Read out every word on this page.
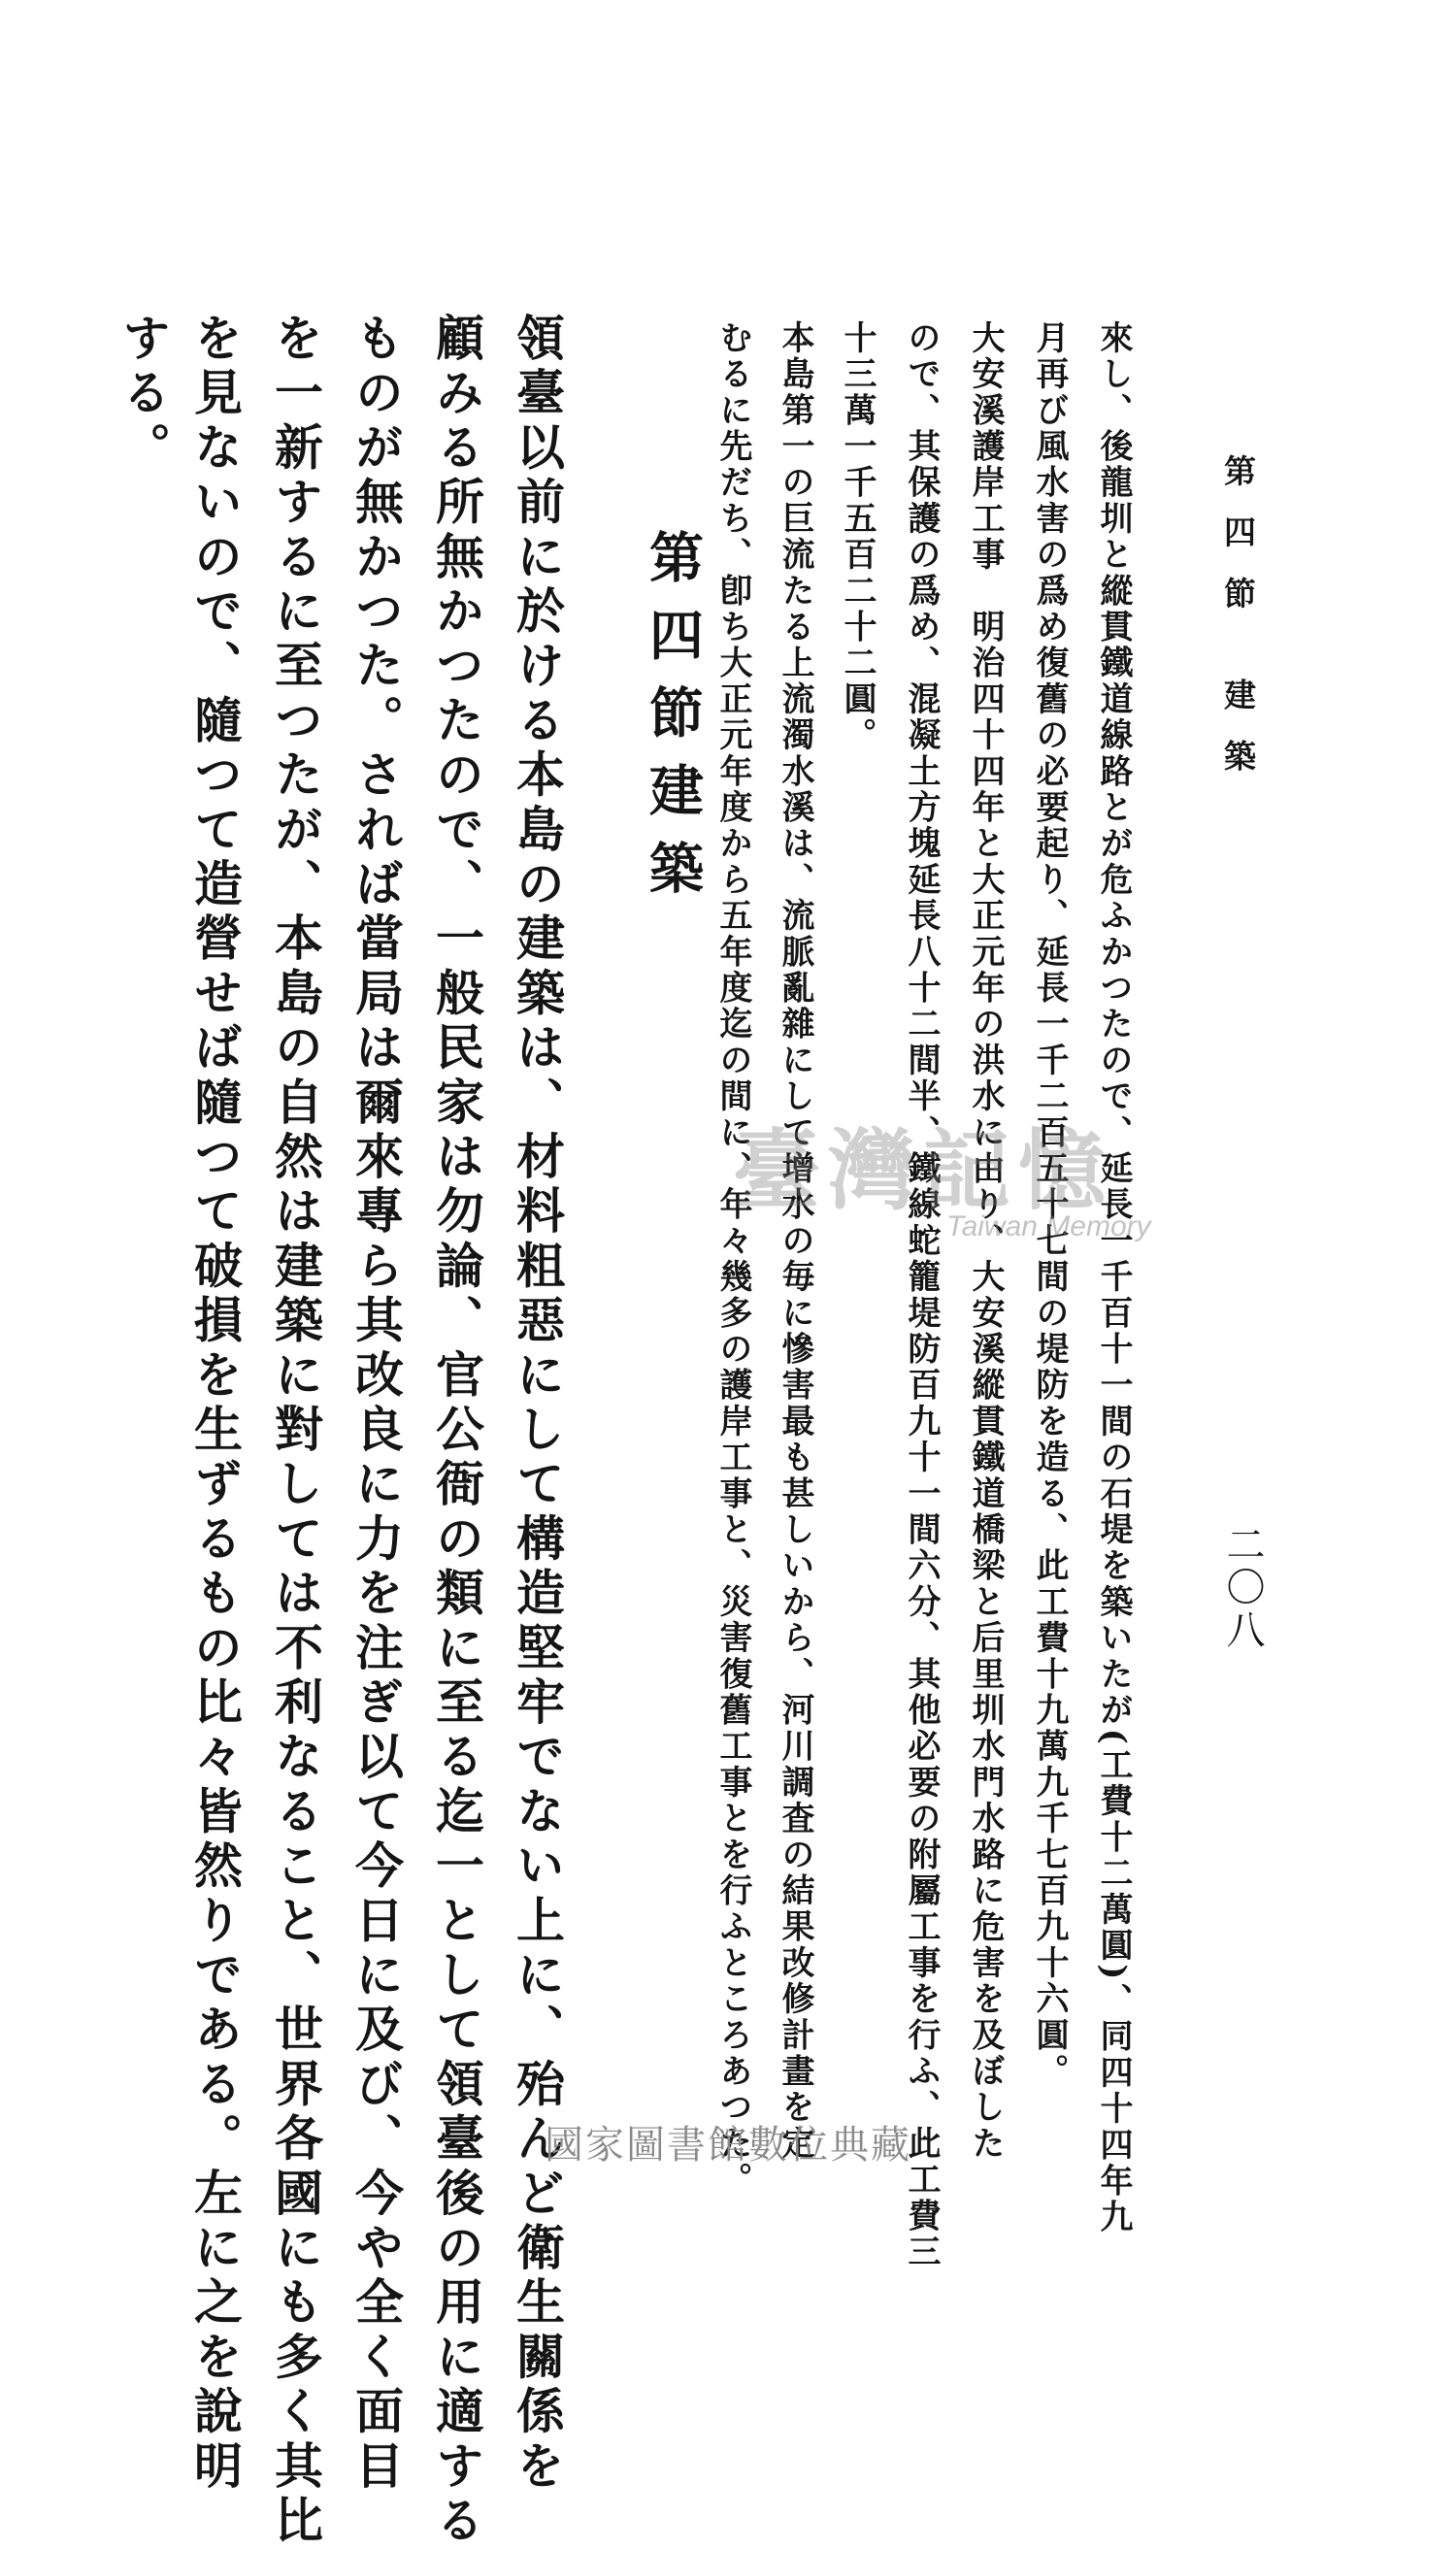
第四節 建築
二〇八
來し、後龍圳と縱貫鐵道線路とが危ふかつたので、延長一千百十一間の石堤を築いたが(工費十二萬圓)、同四十四年九
月再び風水害の爲め復舊の必要起り、延長一千二百五十七間の堤防を造る、此工費十九萬九千七百九十六圓。
大安溪護岸工事　明治四十四年と大正元年の洪水に由り、大安溪縱貫鐵道橋梁と后里圳水門水路に危害を及ぼした
ので、其保護の爲め、混凝土方塊延長八十二間半、鐵線蛇籠堤防百九十一間六分、其他必要の附屬工事を行ふ、此工費三
十三萬一千五百二十二圓。
本島第一の巨流たる上流濁水溪は、流脈亂雜にして增水の毎に慘害最も甚しいから、河川調査の結果改修計畫を定
むるに先だち、卽ち大正元年度から五年度迄の間に、年々幾多の護岸工事と、災害復舊工事とを行ふところあつた。
第四節建築
領臺以前に於ける本島の建築は、材料粗惡にして構造堅牢でない上に、殆んど衛生關係を
顧みる所無かつたので、一般民家は勿論、官公衙の類に至る迄一として領臺後の用に適する
ものが無かつた。されば當局は爾來專ら其改良に力を注ぎ以て今日に及び、今や全く面目
を一新するに至つたが、本島の自然は建築に對しては不利なること、世界各國にも多く其比
を見ないので、隨つて造營せば隨つて破損を生ずるもの比々皆然りである。左に之を說明
する。
臺灣記憶
Taiwan Memory
國家圖書館數位典藏
